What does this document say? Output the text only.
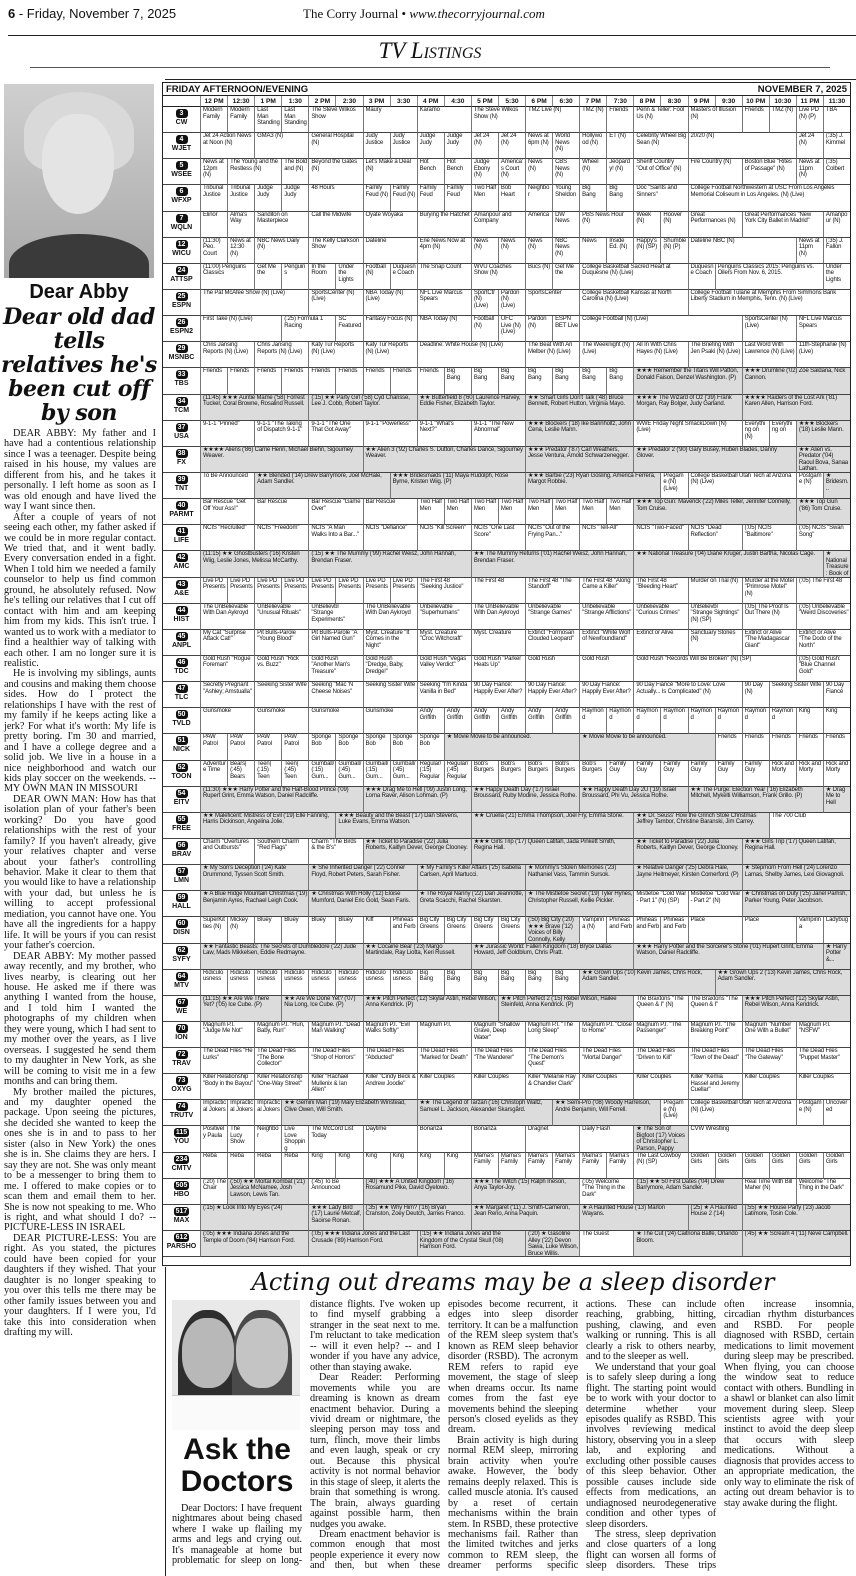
6 - Friday, November 7, 2025	The Corry Journal • www.thecorryjournal.com
TV Listings
Dear Abby
Dear old dad tells relatives he's been cut off by son

DEAR ABBY: My father and I have had a contentious relationship since I was a teenager. Despite being raised in his house, my values are different from his, and he takes it personally. I left home as soon as I was old enough and have lived the way I want since then.

After a couple of years of not seeing each other, my father asked if we could be in more regular contact. We tried that, and it went badly. Every conversation ended in a fight. When I told him we needed a family counselor to help us find common ground, he absolutely refused. Now he's telling our relatives that I cut off contact with him and am keeping him from my kids. This isn't true. I wanted us to work with a mediator to find a healthier way of talking with each other. I am no longer sure it is realistic.

He is involving my siblings, aunts and cousins and making them choose sides. How do I protect the relationships I have with the rest of my family if he keeps acting like a jerk? For what it's worth: My life is pretty boring. I'm 30 and married, and I have a college degree and a solid job. We live in a house in a nice neighborhood and watch our kids play soccer on the weekends. -- MY OWN MAN IN MISSOURI

DEAR OWN MAN: How has that isolation plan of your father's been working? Do you have good relationships with the rest of your family? If you haven't already, give your relatives chapter and verse about your father's controlling behavior. Make it clear to them that you would like to have a relationship with your dad, but unless he is willing to accept professional mediation, you cannot have one. You have all the ingredients for a happy life. It will be yours if you can resist your father's coercion.

DEAR ABBY: My mother passed away recently, and my brother, who lives nearby, is clearing out her house. He asked me if there was anything I wanted from the house, and I told him I wanted the photographs of my children when they were young, which I had sent to my mother over the years, as I live overseas. I suggested he send them to my daughter in New York, as she will be coming to visit me in a few months and can bring them.

My brother mailed the pictures, and my daughter opened the package. Upon seeing the pictures, she decided she wanted to keep the ones she is in and to pass to her sister (also in New York) the ones she is in. She claims they are hers. I say they are not. She was only meant to be a messenger to bring them to me. I offered to make copies or to scan them and email them to her. She is now not speaking to me. Who is right, and what should I do? -- PICTURE-LESS IN ISRAEL

DEAR PICTURE-LESS: You are right. As you stated, the pictures could have been copied for your daughters if they wished. That your daughter is no longer speaking to you over this tells me there may be other family issues between you and your daughters. If I were you, I'd take this into consideration when drafting my will.

FRIDAY AFTERNOON/EVENING	NOVEMBER 7, 2025
12 PM	12:30	1 PM	1:30	2 PM	2:30	3 PM	3:30	4 PM	4:30	5 PM	5:30	6 PM	6:30	7 PM	7:30	8 PM	8:30	9 PM	9:30	10 PM	10:30	11 PM	11:30
3
CW
Modern Family
Modern Family
Last Man Standing
Last Man Standing
The Steve Wilkos Show
Maury	Karamo	The Steve Wilkos Show (N)
TMZ Live (N)	TMZ (N) Friends	Penn & Teller: Fool Us (N)
Masters of Illusion (N)
Friends	TMZ (N) Live PD (N) (P)
TBA
4
WJET
Jet 24 Action News at Noon (N)
GMA3 (N)	General Hospital (N)
Judy Justice
Judy Justice
Judge Judy
Judge Judy
Jet 24 (N)
Jet 24 (N)
News at 6pm (N)
World News (N)
Hollywood (N)
ET (N)	Celebrity Wheel Big Sean (N)
20/20 (N)	Jet 24 (N)
(:35) J. Kimmel
5
WSEE
News at 12pm (N)
The Young and the Restless (N)
The Bold and (N)
Beyond the Gates (N)
Let's Make a Deal (N)
Hot Bench
Hot Bench
Judge Ebony (N)
America's Court (N)
News (N)
CBS News (N)
Wheel (N)
Jeopardy! (N)
Sheriff Country "Out of Office" (N)
Fire Country (N)	Boston Blue "Rites of Passage" (N)
News at 11pm (N)
(:35) Colbert
6
WFXP
Tribunal Justice
Tribunal Justice
Judge Judy
Judge Judy
48 Hours	Family Feud (N)
Family Feud (N)
Family Feud
Family Feud
Two Half Men
Bob Heart
Neighbor
Young Sheldon
Big Bang
Big Bang
Doc "Saints and Sinners"
College Football Northwestern at USC From Los Angeles Memorial Coliseum in Los Angeles. (N) (Live)
7
WQLN
Elinor	Alma's Way
Sanditon on Masterpiece
Call the Midwife	Oyate Woyaka	Burying the Hatchet Amanpour and Company
America	DW News
PBS News Hour (N)
Week (N)
Hoover (N)
Great Performances (N)
Great Performances "New York City Ballet in Madrid"
Amanpour (N)
12
WICU
(11:30) Peo. Court
News at 12:30 (N)
NBC News Daily (N)
The Kelly Clarkson Show
Dateline	Erie News Now at 4pm (N)
News (N)
News (N)
News (N)
NBC News (N)
News	Inside Ed. (N)
Happy's (N) (SP)
Shumble (N) (P)
Dateline NBC (N)	News at 11pm (N)
(:35) J. Fallon
24
ATTSP
(11:00) Penguins Classics
Get Me the
Penguins
In the Room
Under the Lights
Football (N)
Duquesne Coach
The Snap Count	WVU Coaches Show (N)
Bucs (N) Get Me the
College Basketball Sacred Heart at Duquesne (N) (Live)
Duquesne Coach
Penguins Classics 2015: Penguins vs. Oilers From Nov. 6, 2015.
Under the Lights
25
ESPN
The Pat McAfee Show (N) (Live)	SportsCenter (N) (Live)
NBA Today (N) (Live)
NFL Live Marcus Spears
SportCtr (N) (Live)
Pardon (N) (Live)
SportsCenter	College Basketball Kansas at North Carolina (N) (Live)
College Football Tulane at Memphis From Simmons Bank Liberty Stadium in Memphis, Tenn. (N) (Live)
26
ESPN2
First Take (N) (Live)	(:25) Formula 1 Racing
SC Featured
Fantasy Focus (N)	NBA Today (N)	Football (N)
UFC Live (N) (Live)
Pardon (N)
ESPN BET Live
College Football (N) (Live)	SportsCenter (N) (Live)
NFL Live Marcus Spears
29
MSNBC
Chris Jansing Reports (N) (Live)
Chris Jansing Reports (N) (Live)
Katy Tur Reports (N) (Live)
Katy Tur Reports (N) (Live)
Deadline: White House (N) (Live)	The Beat With Ari Melber (N) (Live)
The Weeknight (N) (Live)
All In With Chris Hayes (N) (Live)
The Briefing With Jen Psaki (N) (Live)
Last Word With Lawrence (N) (Live)
11th-Stephanie (N) (Live)
33
TBS
Friends	Friends	Friends	Friends	Friends	Friends	Friends	Friends	Friends	Big Bang
Big Bang
Big Bang
Big Bang
Big Bang
Big Bang
Big Bang
★★★ Remember the Titans Will Patton, Donald Faison, Denzel Washington. (P)
★★★ Drumline ('02) Zoe Saldana, Nick Cannon.
34
TCM
(11:45) ★★★ Auntie Mame ('58) Forrest Tucker, Coral Browne, Rosalind Russell.
(:15) ★★ Party Girl ('58) Cyd Charisse, Lee J. Cobb, Robert Taylor.
★★ Butterfield 8 ('60) Laurence Harvey, Eddie Fisher, Elizabeth Taylor.
★★ Smart Girls Don't Talk ('48) Bruce Bennett, Robert Hutton, Virginia Mayo.
★★★★ The Wizard of Oz ('39) Frank Morgan, Ray Bolger, Judy Garland.
★★★★ Raiders of the Lost Ark ('81) Karen Allen, Harrison Ford.
37
USA
9-1-1 "Pinned"	9-1-1 "The Taking of Dispatch 9-1-1"
9-1-1 "The One That Got Away"
9-1-1 "Powerless"	9-1-1 "What's Next?"
9-1-1 "The New Abnormal"
★★★ Blockers ('18) Ike Barinholtz, John Cena, Leslie Mann.
WWE Friday Night SmackDown (N) (Live)
Everything on (N)
Everything on
★★★ Blockers ('18) Leslie Mann.
38
FX
★★★★ Aliens ('86) Carrie Henn, Michael Biehn, Sigourney Weaver.
★★ Alien 3 ('92) Charles S. Dutton, Charles Dance, Sigourney Weaver.
★★★ Predator ('87) Carl Weathers, Jesse Ventura, Arnold Schwarzenegger.
★★ Predator 2 ('90) Gary Busey, Ruben Blades, Danny Glover.
★★ Alien vs. Predator ('04) Raoul Bova, Sanaa Lathan.
39
TNT
To Be Announced	★★ Blended ('14) Drew Barrymore, Joel McHale, Adam Sandler.
★★★ Bridesmaids ('11) Maya Rudolph, Rose Byrne, Kristen Wiig. (P)
★★★ Barbie ('23) Ryan Gosling, America Ferrera, Margot Robbie.
Pregame (N) (Live)
College Basketball Utah Tech at Arizona (N) (Live)
Postgame (N)
★ Bridesm...
40
PARMT
Bar Rescue "Get Off Your Ass!"
Bar Rescue	Bar Rescue "Game Over"
Bar Rescue	Two Half Men
Two Half Men
Two Half Men
Two Half Men
Two Half Men
Two Half Men
Two Half Men
Two Half Men
★★★ Top Gun: Maverick ('22) Miles Teller, Jennifer Connelly, Tom Cruise.
★★★ Top Gun ('86) Tom Cruise.
41
LIFE
NCIS "Recruited"	NCIS "Freedom"	NCIS "A Man Walks Into a Bar..."
NCIS "Defiance"	NCIS "Kill Screen"	NCIS "One Last Score"
NCIS "Out of the Frying Pan..."
NCIS "Tell-All"	NCIS "Two-Faced"	NCIS "Dead Reflection"
(:05) NCIS "Baltimore"
(:05) NCIS "Swan Song"
42
AMC
(11:15) ★★ Ghostbusters ('16) Kristen Wiig, Leslie Jones, Melissa McCarthy.
(:15) ★★ The Mummy ('99) Rachel Weisz, John Hannah, Brendan Fraser.
★★ The Mummy Returns ('01) Rachel Weisz, John Hannah, Brendan Fraser.
★★ National Treasure ('04) Diane Kruger, Justin Bartha, Nicolas Cage.	★ National Treasure: Book of
43
A&E
Live PD Presents
Live PD Presents
Live PD Presents
Live PD Presents
Live PD Presents
Live PD Presents
Live PD Presents
Live PD Presents
The First 48 "Seeking Justice"
The First 48	The First 48 "The Standoff"
The First 48 "Along Came a Killer"
The First 48 "Bleeding Heart"
Murder on Trial (N)	Murder at the Motel "Primrose Motel" (N)
(:05) The First 48
44
HIST
The UnBelievable With Dan Aykroyd
UnBelievable "Unusual Rituals"
UnBelievbl "Strange Experiments"
The UnBelievable With Dan Aykroyd
Unbelievable "Superhumans"
The UnBelievable With Dan Aykroyd
Unbelievable "Strange Games"
Unbelievable "Strange Afflictions"
Unbelievable "Curious Crimes"
UnBelievbl "Strange Sightings" (N) (SP)
(:05) The Proof Is Out There (N)
(:05) Unbelievable "Weird Discoveries"
45
ANPL
My Cat "Surprise Attack Cat!"
Pit Bulls-Parole "Young Blood"
Pit Bulls-Parole "A Girl Named Gun"
Myst. Creature "It Comes in the Night"
Myst. Creature "Croc Witchcraft"
Myst. Creature	Extinct "Formosan Clouded Leopard"
Extinct "White Wolf of Newfoundland"
Extinct or Alive	Sanctuary Stories (N)
Extinct or Alive "The Madagascar Giant"
Extinct or Alive "The Dodo of the North"
46
TDC
Gold Rush "Rogue Foreman"
Gold Rush "Rick vs. Buzz"
Gold Rush "Another Man's Treasure"
Gold Rush "Dredge, Baby, Dredge!"
Gold Rush "Vegas Valley Verdict"
Gold Rush "Parker Heats Up"
Gold Rush	Gold Rush	Gold Rush "Records Will Be Broken" (N) (SP)	(:05) Gold Rush: "Blue Channel Gold"
47
TLC
Secretly Pregnant "Ashley; Amstualla"
Seeking Sister Wife Seeking "Mac 'N Cheese Noises"
Seeking Sister Wife Seeking "I'm Kinda Vanilla in Bed"
90 Day Fiancé: Happily Ever After?
90 Day Fiancé: Happily Ever After?
90 Day Fiancé: Happily Ever After?
90 Day Fiancé "More to Love: Love Actually... Is Complicated" (N)
90 Day (N)
Seeking Sister Wife 90 Day Fiancé
50
TVLD
Gunsmoke	Gunsmoke	Gunsmoke	Gunsmoke	Andy Griffith
Andy Griffith
Andy Griffith
Andy Griffith
Andy Griffith
Andy Griffith
Raymond
Raymond
Raymond
Raymond
Raymond
Raymond
Raymond
Raymond
King	King
51
NICK
PAW Patrol
PAW Patrol
PAW Patrol
PAW Patrol
SpongeBob
SpongeBob
SpongeBob
SpongeBob
SpongeBob
★ Movie Movie to be announced.	★ Movie Movie to be announced.	Friends	Friends	Friends	Friends	Friends
52
TOON
Adventure Time
Bears|(:45) Bears
Teen|(:15) Teen
Teen|(:45) Teen
Gumball/(:15) Gum...
Gumball/(:45) Gum...
Gumball/(:15) Gum...
Gumball/(:45) Gum...
Regular/(:15) Regular
Regular/(:45) Regular
Bob's Burgers
Bob's Burgers
Bob's Burgers
Bob's Burgers
Bob's Burgers
Family Guy
Family Guy
Family Guy
Family Guy
Family Guy
Family Guy
Rick and Morty
Rick and Morty
Rick and Morty
54
EITV
(11:30) ★★★ Harry Potter and the Half-Blood Prince ('09) Rupert Grint, Emma Watson, Daniel Radcliffe.
★★★ Drag Me to Hell ('09) Justin Long, Lorna Raver, Alison Lohman. (P)
★★ Happy Death Day ('17) Israel Broussard, Ruby Modine, Jessica Rothe.
★★ Happy Death Day 2U ('19) Israel Broussard, Phi Vu, Jessica Rothe.
★★ The Purge: Election Year ('16) Elizabeth Mitchell, Mykelti Williamson, Frank Grillo. (P)
★ Drag Me to Hell
55
FREE
★★ Maleficent: Mistress of Evil ('19) Elle Fanning, Harris Dickinson, Angelina Jolie.
★★★ Beauty and the Beast ('17) Dan Stevens, Luke Evans, Emma Watson.
★★ Cruella ('21) Emma Thompson, Joel Fry, Emma Stone.	★★ Dr. Seuss' How the Grinch Stole Christmas Jeffrey Tambor, Christine Baranski, Jim Carrey.
The 700 Club
56
BRAV
Charm "Overtures and Outbursts"
Southern Charm "Red Flags"
Charm "The Birds & the B's"
★★ Ticket to Paradise ('22) Julia Roberts, Kaitlyn Dever, George Clooney.
★★★ Girls Trip ('17) Queen Latifah, Jada Pinkett Smith, Regina Hall.
★★ Ticket to Paradise ('22) Julia Roberts, Kaitlyn Dever, George Clooney.
★★★ Girls Trip ('17) Queen Latifah, Regina Hall.
57
LMN
★ My Son's Deception ('24) Kate Drummond, Tyssen Scott Smith.
★ She Inherited Danger ('22) Conner Floyd, Robert Peters, Sarah Fisher.
★ My Family's Killer Affairs ('25) Isabella Carlsen, April Martucci.
★ Mommy's Stolen Memories ('23) Nathaniel Vass, Tammin Sursok.
★ Relative Danger ('25) Debra Hale, Jayne Heitmeyer, Kirsten Comerford. (P)
★ Stepmom From Hell ('24) Lorenzo Lamas, Shelby James, Lexi Giovagnoli.
59
HALL
★ A Blue Ridge Mountain Christmas ('19) Benjamin Ayres, Rachael Leigh Cook.
★ Christmas With Holly ('12) Eloise Mumford, Daniel Eric Gold, Sean Faris.
★ The Royal Nanny ('22) Dan Jeannotte, Greta Scacchi, Rachel Skarsten.
★ The Mistletoe Secret ('19) Tyler Hynes, Christopher Russell, Kellie Pickler.
Mistletoe "Cold War - Part 1" (N) (SP)
Mistletoe "Cold War - Part 2" (N)
★ Christmas on Duty ('25) Janel Parrish, Parker Young, Peter Jacobson.
60
DISN
SuperKitties (N)
Mickey (N)
Bluey	Bluey	Bluey	Bluey	Kiff	Phineas and Ferb
Big City Greens
Big City Greens
Big City Greens
Big City Greens
(:50) Big City (:20) ★★★ Brave ('12) Voices of Billy Connolly, Kelly
Vampirina (N)
Phineas and Ferb
Phineas and Ferb
Phineas and Ferb
Place	Place	Vampirina
Ladybug
62
SYFY
★★ Fantastic Beasts: The Secrets of Dumbledore ('22) Jude Law, Mads Mikkelsen, Eddie Redmayne.
★★ Cocaine Bear ('23) Margo Martindale, Ray Liotta, Keri Russell.
★★ Jurassic World: Fallen Kingdom ('18) Bryce Dallas Howard, Jeff Goldblum, Chris Pratt.
★★★ Harry Potter and the Sorcerer's Stone ('01) Rupert Grint, Emma Watson, Daniel Radcliffe.
★ Harry Potter &...
64
MTV
Ridiculousness
Ridiculousness
Ridiculousness
Ridiculousness
Ridiculousness
Ridiculousness
Ridiculousness
Ridiculousness
Big Bang
Big Bang
Big Bang
Big Bang
Big Bang
Big Bang
★★ Grown Ups ('10) Kevin James, Chris Rock, Adam Sandler.
★★ Grown Ups 2 ('13) Kevin James, Chris Rock, Adam Sandler.
67
WE
(11:15) ★★ Are We There Yet? ('05) Ice Cube. (P)
★★ Are We Done Yet? ('07) Nia Long, Ice Cube. (P)
★★★ Pitch Perfect ('12) Skylar Astin, Rebel Wilson, Anna Kendrick. (P)
★★ Pitch Perfect 2 ('15) Rebel Wilson, Hailee Steinfeld, Anna Kendrick. (P)
The Braxtons "The Queen & I" (N)
The Braxtons "The Queen & I"
★★★ Pitch Perfect ('12) Skylar Astin, Rebel Wilson, Anna Kendrick.
70
ION
Magnum P.I. "Judge Me Not"
Magnum P.I. "Run, Baby, Run"
Magnum P.I. "Dead Man Walking"
Magnum P.I. "Evil Walks Softly"
Magnum P.I.	Magnum "Shallow Grave, Deep Water"
Magnum P.I. "The Long Sleep"
Magnum P.I. "Close to Home"
Magnum P.I. "The Passenger"
Magnum P.I. "The Breaking Point"
Magnum "Number One With a Bullet"
Magnum P.I. "NSFW"
72
TRAV
The Dead Files "He Lurks"
The Dead Files "The Bone Collector"
The Dead Files "Shop of Horrors"
The Dead Files "Abducted"
The Dead Files "Marked for Death"
The Dead Files "The Wanderer"
The Dead Files "The Demon's Quest"
The Dead Files "Mortal Danger"
The Dead Files "Driven to Kill"
The Dead Files "Town of the Dead"
The Dead Files "The Gateway"
The Dead Files "Puppet Master"
73
OXYG
Killer Relationship "Body in the Bayou"
Killer Relationship "One-Way Street"
Killer "Rachael Mullenix & Ian Allen"
Killer "Cindy Beck & Andrew Joodie"
Killer Couples	Killer Couples	Killer "Melanie Ray & Chandler Clark"
Killer Couples	Killer Couples	Killer "Kemia Hassel and Jeremy Cuellar"
Killer Couples	Killer Couples
74
TRUTV
Impractical Jokers
Impractical Jokers
Impractical Jokers
★★ Gemini Man ('19) Mary Elizabeth Winstead, Clive Owen, Will Smith.
★★ The Legend of Tarzan ('16) Christoph Waltz, Samuel L. Jackson, Alexander Skarsgård.
★★ Semi-Pro ('08) Woody Harrelson, André Benjamin, Will Ferrell.
Pregame (N) (Live)
College Basketball Utah Tech at Arizona (N) (Live)
Postgame (N)
Uncovered
115
YOU
Positively Paula
The Lucy Show
Neighbor
Live Love Shopping
The McCord List Today
Daytime	Bonanza	Bonanza	Dragnet	Daily Flash	★ The Son of Bigfoot ('17) Voices of Christopher L. Parson, Pappy
CVW Wrestling
234
CMTV
Reba	Reba	Reba	Reba	King	King	King	King	King	King	Mama's Family
Mama's Family
Mama's Family
Mama's Family
Mama's Family
Mama's Family
The Last Cowboy (N) (SP)
Golden Girls
Golden Girls
Golden Girls
Golden Girls
Golden Girls
Golden Girls
505
HBO
(:20) The Chair
(:50) ★★ Mortal Kombat ('21) Jessica McNamee, Josh Lawson, Lewis Tan.
(:45) To Be Announced
(:40) ★★★ A United Kingdom ('16) Rosamund Pike, David Oyelowo.
★★★ The Witch ('15) Ralph Ineson, Anya Taylor-Joy.
(:05) Welcome "The Thing in the Dark"
(:15) ★★ 50 First Dates ('04) Drew Barrymore, Adam Sandler.
Real Time With Bill Maher (N)
Welcome "The Thing in the Dark"
517
MAX
(:15) ★ Look Into My Eyes ('24)	★★★ Lady Bird ('17) Laurie Metcalf, Saoirse Ronan.
(:35) ★★ Why Him? ('16) Bryan Cranston, Zoey Deutch, James Franco.
★★ Margaret ('11) J. Smith-Cameron, Jean Reno, Anna Paquin.
★ A Haunted House ('13) Marlon Wayans.
(:25) ★ A Haunted House 2 ('14)
(:55) ★★ House Party ('23) Jacob Latimore, Tosin Cole.
612
PARSHO
(:05) ★★★ Indiana Jones and the Temple of Doom ('84) Harrison Ford.
(:05) ★★★ Indiana Jones and the Last Crusade ('89) Harrison Ford.
(:15) ★★ Indiana Jones and the Kingdom of the Crystal Skull ('08) Harrison Ford.
(:20) ★ Gasoline Alley ('22) Devon Sawa, Luke Wilson, Bruce Willis.
The Guest	★ The Cut ('24) Caitriona Balfe, Orlando Bloom.
(:45) ★★ Scream 4 ('11) Neve Campbell.
Acting out dreams may be a sleep disorder
Ask the Doctors

Dear Doctors: I have frequent nightmares about being chased where I wake up flailing my arms and legs and crying out. It's manageable at home but problematic for sleep on long-distance flights. I've woken up to find myself grabbing a stranger in the seat next to me. I'm reluctant to take medication -- will it even help? -- and I wonder if you have any advice, other than staying awake.

Dear Reader: Performing movements while you are dreaming is known as dream enactment behavior. During a vivid dream or nightmare, the sleeping person may toss and turn, flinch, move their limbs and even laugh, speak or cry out. Because this physical activity is not normal behavior in this stage of sleep, it alerts the brain that something is wrong. The brain, always guarding against possible harm, then nudges you awake.

Dream enactment behavior is common enough that most people experience it every now and then, but when these episodes become recurrent, it edges into sleep disorder territory. It can be a malfunction of the REM sleep system that's known as REM sleep behavior disorder (RSBD). The acronym REM refers to rapid eye movement, the stage of sleep when dreams occur. Its name comes from the fast eye movements behind the sleeping person's closed eyelids as they dream.

Brain activity is high during normal REM sleep, mirroring brain activity when you're awake. However, the body remains deeply relaxed. This is called muscle atonia. It's caused by a reset of certain mechanisms within the brain stem. In RSBD, these protective mechanisms fail. Rather than the limited twitches and jerks common to REM sleep, the dreamer performs specific actions. These can include reaching, grabbing, hitting, pushing, clawing, and even walking or running. This is all clearly a risk to others nearby, and to the sleeper as well.

We understand that your goal is to safely sleep during a long flight. The starting point would be to work with your doctor to determine whether your episodes qualify as RSBD. This involves reviewing medical history, observing you in a sleep lab, and exploring and excluding other possible causes of this sleep behavior. Other possible causes include side effects from medications, an undiagnosed neurodegenerative condition and other types of sleep disorders.

The stress, sleep deprivation and close quarters of a long flight can worsen all forms of sleep disorders. These trips often increase insomnia, circadian rhythm disturbances and RSBD. For people diagnosed with RSBD, certain medications to limit movement during sleep may be prescribed. When flying, you can choose the window seat to reduce contact with others. Bundling in a shawl or blanket can also limit movement during sleep. Sleep scientists agree with your instinct to avoid the deep sleep that occurs with sleep medications. Without a diagnosis that provides access to an appropriate medication, the only way to eliminate the risk of acting out dream behavior is to stay awake during the flight.
